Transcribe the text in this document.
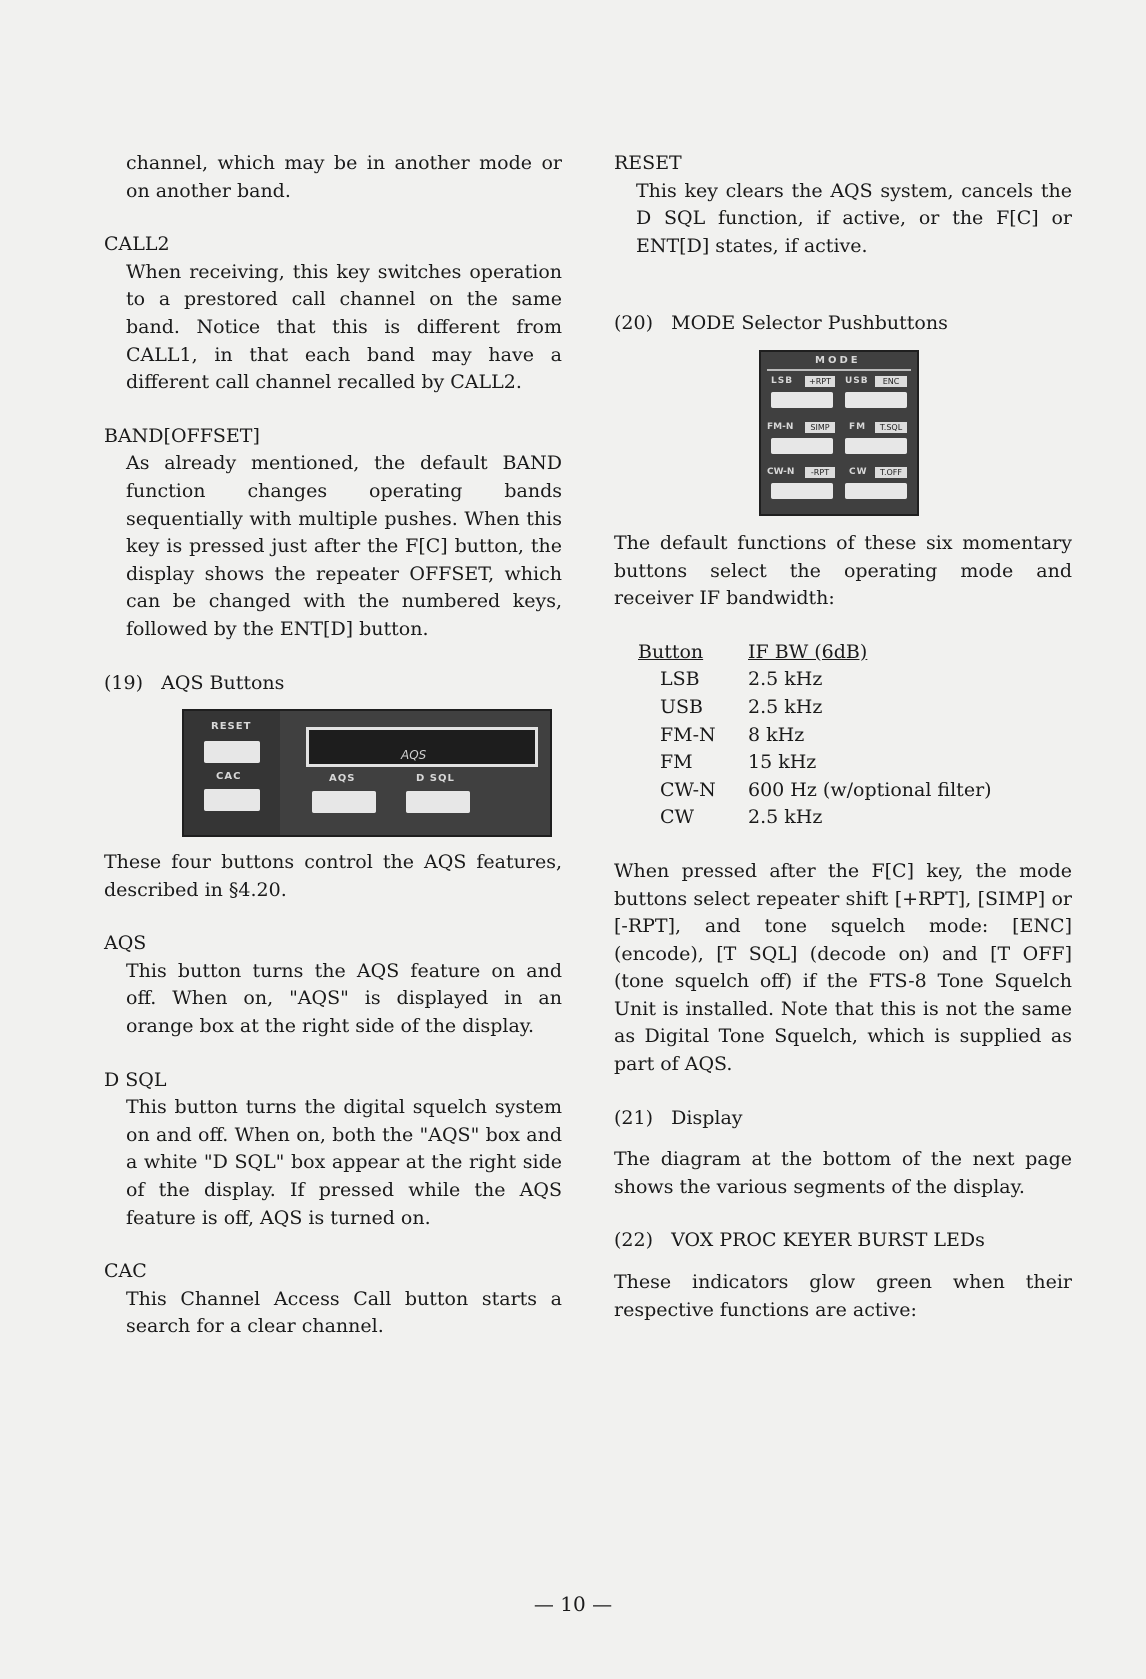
channel, which may be in another mode or on another band.

CALL2

When receiving, this key switches operation to a prestored call channel on the same band. Notice that this is different from CALL1, in that each band may have a different call channel recalled by CALL2.

BAND[OFFSET]

As already mentioned, the default BAND function changes operating bands sequentially with multiple pushes. When this key is pressed just after the F[C] button, the display shows the repeater OFFSET, which can be changed with the numbered keys, followed by the ENT[D] button.

(19) AQS Buttons

RESET
CAC
AQS
AQS	D SQL

These four buttons control the AQS features, described in §4.20.

AQS

This button turns the AQS feature on and off. When on, "AQS" is displayed in an orange box at the right side of the display.

D SQL

This button turns the digital squelch system on and off. When on, both the "AQS" box and a white "D SQL" box appear at the right side of the display. If pressed while the AQS feature is off, AQS is turned on.

CAC

This Channel Access Call button starts a search for a clear channel.

RESET

This key clears the AQS system, cancels the D SQL function, if active, or the F[C] or ENT[D] states, if active.

(20) MODE Selector Pushbuttons

MODE
LSB	+RPT	USB	ENC
FM-N	SIMP	FM	T.SQL
CW-N	-RPT	CW	T.OFF

The default functions of these six momentary buttons select the operating mode and receiver IF bandwidth:

Button	IF BW (6dB)
LSB	2.5 kHz
USB	2.5 kHz
FM-N	8 kHz
FM	15 kHz
CW-N	600 Hz (w/optional filter)
CW	2.5 kHz

When pressed after the F[C] key, the mode buttons select repeater shift [+RPT], [SIMP] or [-RPT], and tone squelch mode: [ENC] (encode), [T SQL] (decode on) and [T OFF] (tone squelch off) if the FTS-8 Tone Squelch Unit is installed. Note that this is not the same as Digital Tone Squelch, which is supplied as part of AQS.

(21) Display

The diagram at the bottom of the next page shows the various segments of the display.

(22) VOX PROC KEYER BURST LEDs

These indicators glow green when their respective functions are active:

— 10 —
